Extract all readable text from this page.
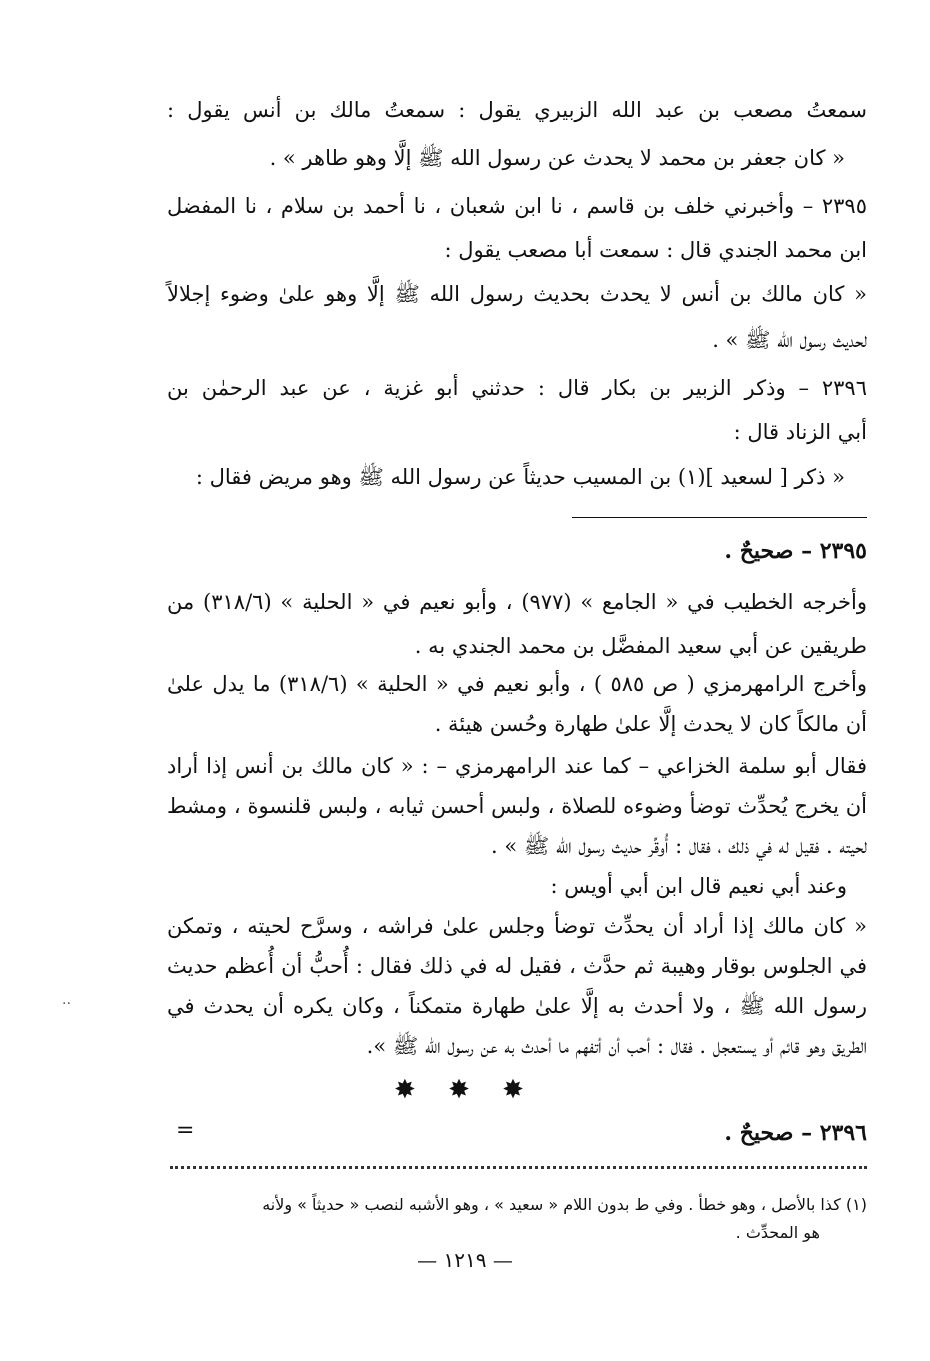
سمعتُ مصعب بن عبد الله الزبيري يقول : سمعتُ مالك بن أنس يقول :
« كان جعفر بن محمد لا يحدث عن رسول الله ﷺ إلَّا وهو طاهر » .
٢٣٩٥ – وأخبرني خلف بن قاسم ، نا ابن شعبان ، نا أحمد بن سلام ، نا المفضل
ابن محمد الجندي قال : سمعت أبا مصعب يقول :
« كان مالك بن أنس لا يحدث بحديث رسول الله ﷺ إلَّا وهو علىٰ وضوء إجلالاً
لحديث رسول الله ﷺ » .
٢٣٩٦ – وذكر الزبير بن بكار قال : حدثني أبو غزية ، عن عبد الرحمٰن بن
أبي الزناد قال :
« ذكر [ لسعيد ](١) بن المسيب حديثاً عن رسول الله ﷺ وهو مريض فقال :
٢٣٩٥ – صحيحٌ .
وأخرجه الخطيب في « الجامع » (٩٧٧) ، وأبو نعيم في « الحلية » (٣١٨/٦) من
طريقين عن أبي سعيد المفضَّل بن محمد الجندي به .
وأخرج الرامهرمزي ( ص ٥٨٥ ) ، وأبو نعيم في « الحلية » (٣١٨/٦) ما يدل علىٰ
أن مالكاً كان لا يحدث إلَّا علىٰ طهارة وحُسن هيئة .
فقال أبو سلمة الخزاعي – كما عند الرامهرمزي – : « كان مالك بن أنس إذا أراد
أن يخرج يُحدِّث توضأ وضوءه للصلاة ، ولبس أحسن ثيابه ، ولبس قلنسوة ، ومشط
لحيته . فقيل له في ذلك ، فقال : أُوقِّر حديث رسول الله ﷺ » .
وعند أبي نعيم قال ابن أبي أويس :
« كان مالك إذا أراد أن يحدِّث توضأ وجلس علىٰ فراشه ، وسرَّح لحيته ، وتمكن
في الجلوس بوقار وهيبة ثم حدَّث ، فقيل له في ذلك فقال : أُحبُّ أن أُعظم حديث
رسول الله ﷺ ، ولا أحدث به إلَّا علىٰ طهارة متمكناً ، وكان يكره أن يحدث في
الطريق وهو قائم أو يستعجل . فقال : أحب أن أتفهم ما أحدث به عن رسول الله ﷺ ».
..
✸ ✸ ✸
٢٣٩٦ – صحيحٌ .
=
(١) كذا بالأصل ، وهو خطأ . وفي ط بدون اللام « سعيد » ، وهو الأشبه لنصب « حديثاً » ولأنه
هو المحدِّث .
— ١٢١٩ —
